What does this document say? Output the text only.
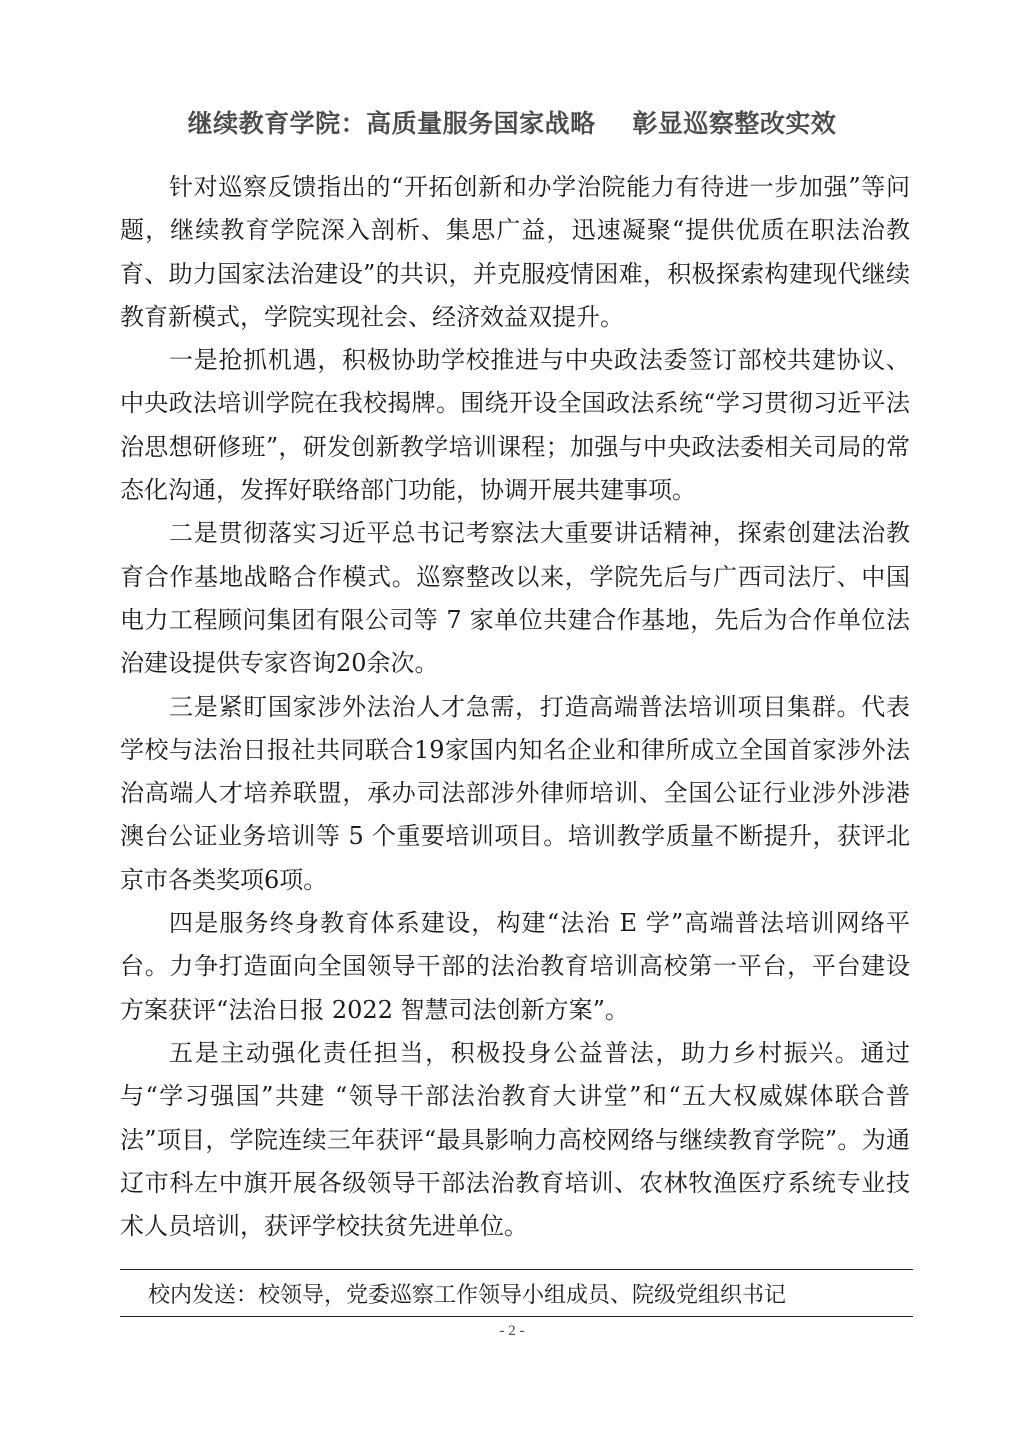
继续教育学院：高质量服务国家战略    彰显巡察整改实效

针对巡察反馈指出的“开拓创新和办学治院能力有待进一步加强”等问题，继续教育学院深入剖析、集思广益，迅速凝聚“提供优质在职法治教育、助力国家法治建设”的共识，并克服疫情困难，积极探索构建现代继续教育新模式，学院实现社会、经济效益双提升。

一是抢抓机遇，积极协助学校推进与中央政法委签订部校共建协议、中央政法培训学院在我校揭牌。围绕开设全国政法系统“学习贯彻习近平法治思想研修班”，研发创新教学培训课程；加强与中央政法委相关司局的常态化沟通，发挥好联络部门功能，协调开展共建事项。

二是贯彻落实习近平总书记考察法大重要讲话精神，探索创建法治教育合作基地战略合作模式。巡察整改以来，学院先后与广西司法厅、中国电力工程顾问集团有限公司等 7 家单位共建合作基地，先后为合作单位法治建设提供专家咨询20余次。

三是紧盯国家涉外法治人才急需，打造高端普法培训项目集群。代表学校与法治日报社共同联合19家国内知名企业和律所成立全国首家涉外法治高端人才培养联盟，承办司法部涉外律师培训、全国公证行业涉外涉港澳台公证业务培训等 5 个重要培训项目。培训教学质量不断提升，获评北京市各类奖项6项。

四是服务终身教育体系建设，构建“法治 E 学”高端普法培训网络平台。力争打造面向全国领导干部的法治教育培训高校第一平台，平台建设方案获评“法治日报 2022 智慧司法创新方案”。

五是主动强化责任担当，积极投身公益普法，助力乡村振兴。通过与“学习强国”共建 “领导干部法治教育大讲堂”和“五大权威媒体联合普法”项目，学院连续三年获评“最具影响力高校网络与继续教育学院”。为通辽市科左中旗开展各级领导干部法治教育培训、农林牧渔医疗系统专业技术人员培训，获评学校扶贫先进单位。

校内发送：校领导，党委巡察工作领导小组成员、院级党组织书记
- 2 -
